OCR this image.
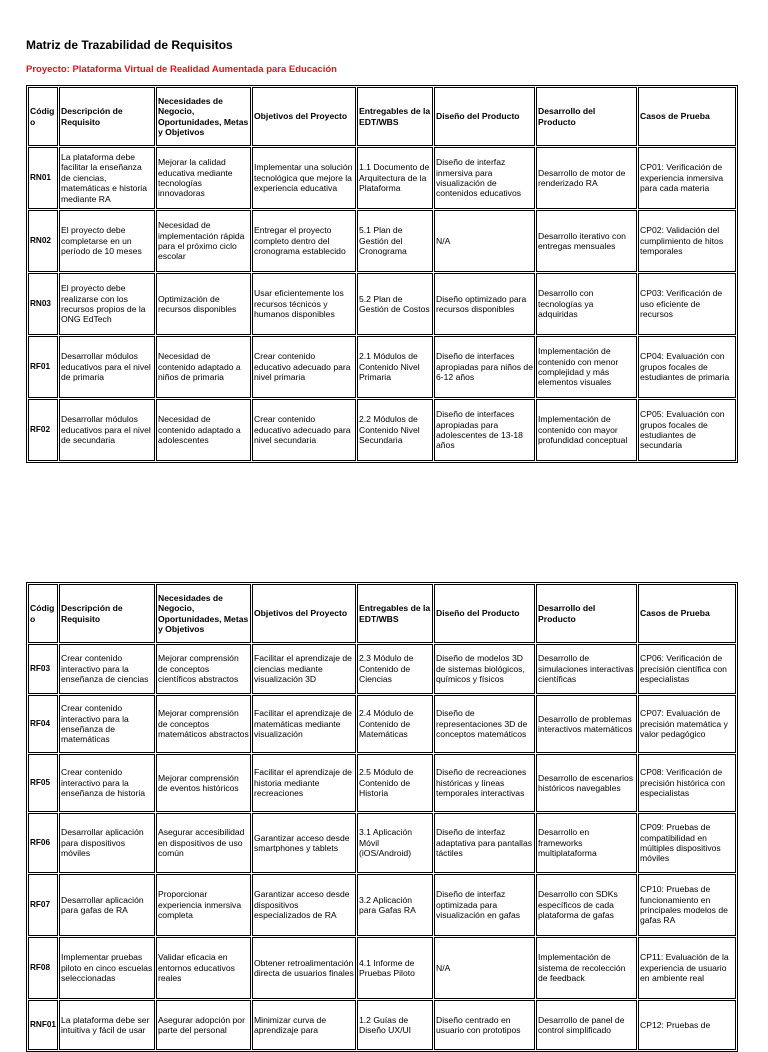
Matriz de Trazabilidad de Requisitos

Proyecto: Plataforma Virtual de Realidad Aumentada para Educación

Código	Descripción de Requisito	Necesidades de Negocio, Oportunidades, Metas y Objetivos	Objetivos del Proyecto	Entregables de la EDT/WBS	Diseño del Producto	Desarrollo del Producto	Casos de Prueba
RN01	La plataforma debe facilitar la enseñanza de ciencias, matemáticas e historia mediante RA	Mejorar la calidad educativa mediante tecnologías innovadoras	Implementar una solución tecnológica que mejore la experiencia educativa	1.1 Documento de Arquitectura de la Plataforma	Diseño de interfaz inmersiva para visualización de contenidos educativos	Desarrollo de motor de renderizado RA	CP01: Verificación de experiencia inmersiva para cada materia
RN02	El proyecto debe completarse en un período de 10 meses	Necesidad de implementación rápida para el próximo ciclo escolar	Entregar el proyecto completo dentro del cronograma establecido	5.1 Plan de Gestión del Cronograma	N/A	Desarrollo iterativo con entregas mensuales	CP02: Validación del cumplimiento de hitos temporales
RN03	El proyecto debe realizarse con los recursos propios de la ONG EdTech	Optimización de recursos disponibles	Usar eficientemente los recursos técnicos y humanos disponibles	5.2 Plan de Gestión de Costos	Diseño optimizado para recursos disponibles	Desarrollo con tecnologías ya adquiridas	CP03: Verificación de uso eficiente de recursos
RF01	Desarrollar módulos educativos para el nivel de primaria	Necesidad de contenido adaptado a niños de primaria	Crear contenido educativo adecuado para nivel primaria	2.1 Módulos de Contenido Nivel Primaria	Diseño de interfaces apropiadas para niños de 6-12 años	Implementación de contenido con menor complejidad y más elementos visuales	CP04: Evaluación con grupos focales de estudiantes de primaria
RF02	Desarrollar módulos educativos para el nivel de secundaria	Necesidad de contenido adaptado a adolescentes	Crear contenido educativo adecuado para nivel secundaria	2.2 Módulos de Contenido Nivel Secundaria	Diseño de interfaces apropiadas para adolescentes de 13-18 años	Implementación de contenido con mayor profundidad conceptual	CP05: Evaluación con grupos focales de estudiantes de secundaria
Código	Descripción de Requisito	Necesidades de Negocio, Oportunidades, Metas y Objetivos	Objetivos del Proyecto	Entregables de la EDT/WBS	Diseño del Producto	Desarrollo del Producto	Casos de Prueba
RF03	Crear contenido interactivo para la enseñanza de ciencias	Mejorar comprensión de conceptos científicos abstractos	Facilitar el aprendizaje de ciencias mediante visualización 3D	2.3 Módulo de Contenido de Ciencias	Diseño de modelos 3D de sistemas biológicos, químicos y físicos	Desarrollo de simulaciones interactivas científicas	CP06: Verificación de precisión científica con especialistas
RF04	Crear contenido interactivo para la enseñanza de matemáticas	Mejorar comprensión de conceptos matemáticos abstractos	Facilitar el aprendizaje de matemáticas mediante visualización	2.4 Módulo de Contenido de Matemáticas	Diseño de representaciones 3D de conceptos matemáticos	Desarrollo de problemas interactivos matemáticos	CP07: Evaluación de precisión matemática y valor pedagógico
RF05	Crear contenido interactivo para la enseñanza de historia	Mejorar comprensión de eventos históricos	Facilitar el aprendizaje de historia mediante recreaciones	2.5 Módulo de Contenido de Historia	Diseño de recreaciones históricas y líneas temporales interactivas	Desarrollo de escenarios históricos navegables	CP08: Verificación de precisión histórica con especialistas
RF06	Desarrollar aplicación para dispositivos móviles	Asegurar accesibilidad en dispositivos de uso común	Garantizar acceso desde smartphones y tablets	3.1 Aplicación Móvil (iOS/Android)	Diseño de interfaz adaptativa para pantallas táctiles	Desarrollo en frameworks multiplataforma	CP09: Pruebas de compatibilidad en múltiples dispositivos móviles
RF07	Desarrollar aplicación para gafas de RA	Proporcionar experiencia inmersiva completa	Garantizar acceso desde dispositivos especializados de RA	3.2 Aplicación para Gafas RA	Diseño de interfaz optimizada para visualización en gafas	Desarrollo con SDKs específicos de cada plataforma de gafas	CP10: Pruebas de funcionamiento en principales modelos de gafas RA
RF08	Implementar pruebas piloto en cinco escuelas seleccionadas	Validar eficacia en entornos educativos reales	Obtener retroalimentación directa de usuarios finales	4.1 Informe de Pruebas Piloto	N/A	Implementación de sistema de recolección de feedback	CP11: Evaluación de la experiencia de usuario en ambiente real
RNF01	La plataforma debe ser intuitiva y fácil de usar	Asegurar adopción por parte del personal	Minimizar curva de aprendizaje para	1.2 Guías de Diseño UX/UI	Diseño centrado en usuario con prototipos	Desarrollo de panel de control simplificado	CP12: Pruebas de
